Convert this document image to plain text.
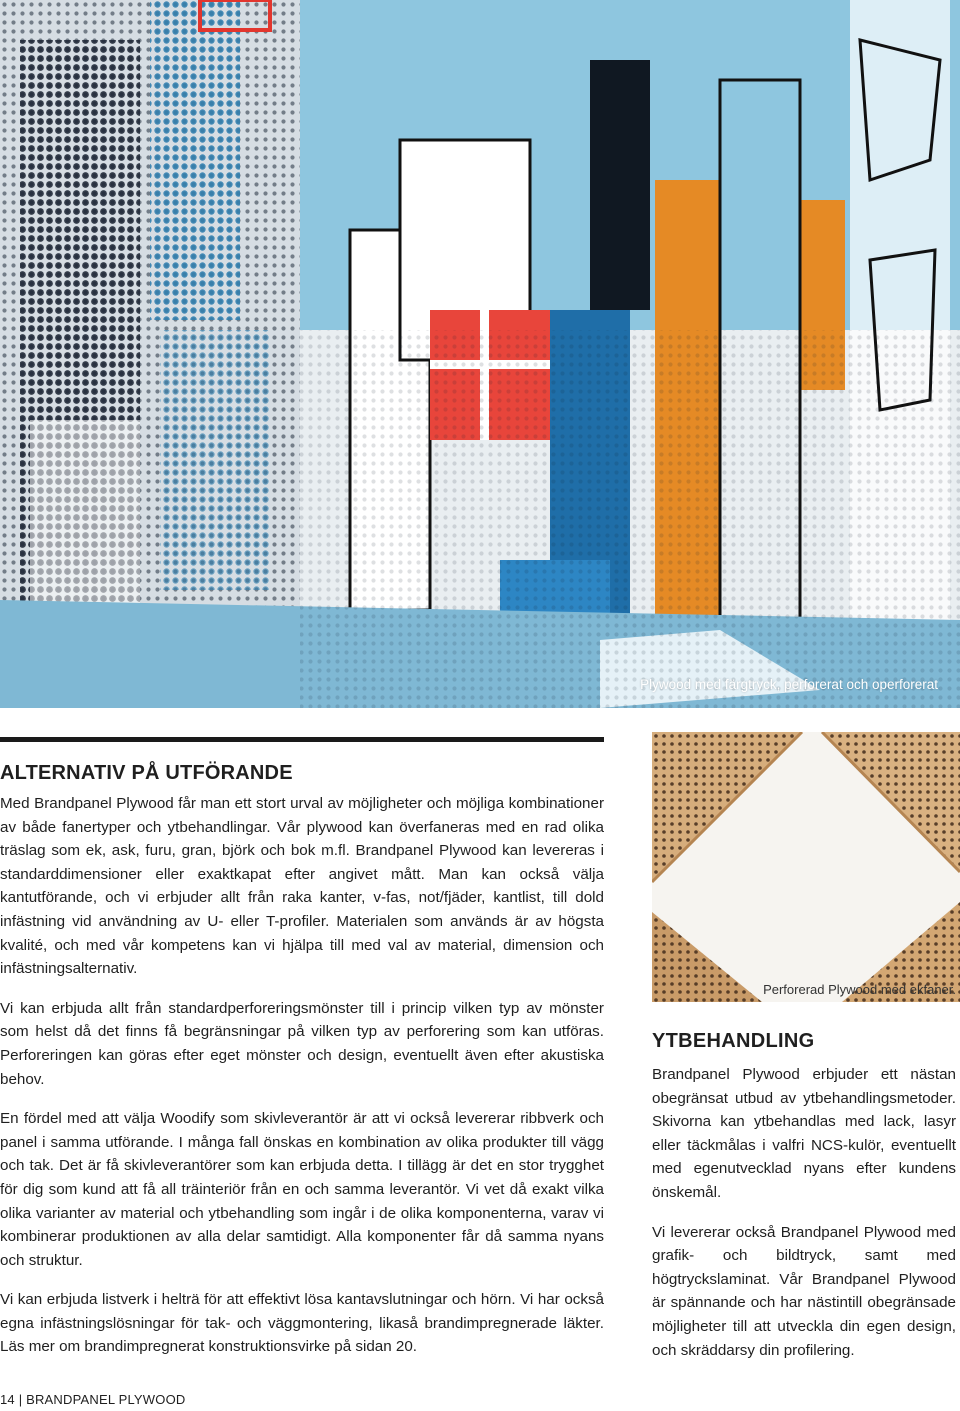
Plywood med färgtryck, perforerat och operforerat
ALTERNATIV PÅ UTFÖRANDE

Med Brandpanel Plywood får man ett stort urval av möjligheter och möjliga kombinationer av både fanertyper och ytbehandlingar. Vår plywood kan överfaneras med en rad olika träslag som ek, ask, furu, gran, björk och bok m.fl. Brandpanel Plywood kan levereras i standarddimensioner eller exaktkapat efter angivet mått. Man kan också välja kantutförande, och vi erbjuder allt från raka kanter, v-fas, not/fjäder, kantlist, till dold infästning vid användning av U- eller T-profiler. Materialen som används är av högsta kvalité, och med vår kompetens kan vi hjälpa till med val av material, dimension och infästningsalternativ.

Vi kan erbjuda allt från standardperforeringsmönster till i princip vilken typ av mönster som helst då det finns få begränsningar på vilken typ av perforering som kan utföras. Perforeringen kan göras efter eget mönster och design, eventuellt även efter akustiska behov.

En fördel med att välja Woodify som skivleverantör är att vi också levererar ribbverk och panel i samma utförande. I många fall önskas en kombination av olika produkter till vägg och tak. Det är få skivleverantörer som kan erbjuda detta. I tillägg är det en stor trygghet för dig som kund att få all träinteriör från en och samma leverantör. Vi vet då exakt vilka olika varianter av material och ytbehandling som ingår i de olika komponenterna, varav vi kombinerar produktionen av alla delar samtidigt. Alla komponenter får då samma nyans och struktur.

Vi kan erbjuda listverk i helträ för att effektivt lösa kantavslutningar och hörn. Vi har också egna infästningslösningar för tak- och väggmontering, likaså brandimpregnerade läkter. Läs mer om brandimpregnerat konstruktionsvirke på sidan 20.

Perforerad Plywood med ekfaner.
YTBEHANDLING

Brandpanel Plywood erbjuder ett nästan obegränsat utbud av ytbehandlingsmetoder. Skivorna kan ytbehandlas med lack, lasyr eller täckmålas i valfri NCS-kulör, eventuellt med egenutvecklad nyans efter kundens önskemål.

Vi levererar också Brandpanel Plywood med grafik- och bildtryck, samt med högtryckslaminat. Vår Brandpanel Plywood är spännande och har nästintill obegränsade möjligheter till att utveckla din egen design, och skräddarsy din profilering.

14 | BRANDPANEL PLYWOOD
